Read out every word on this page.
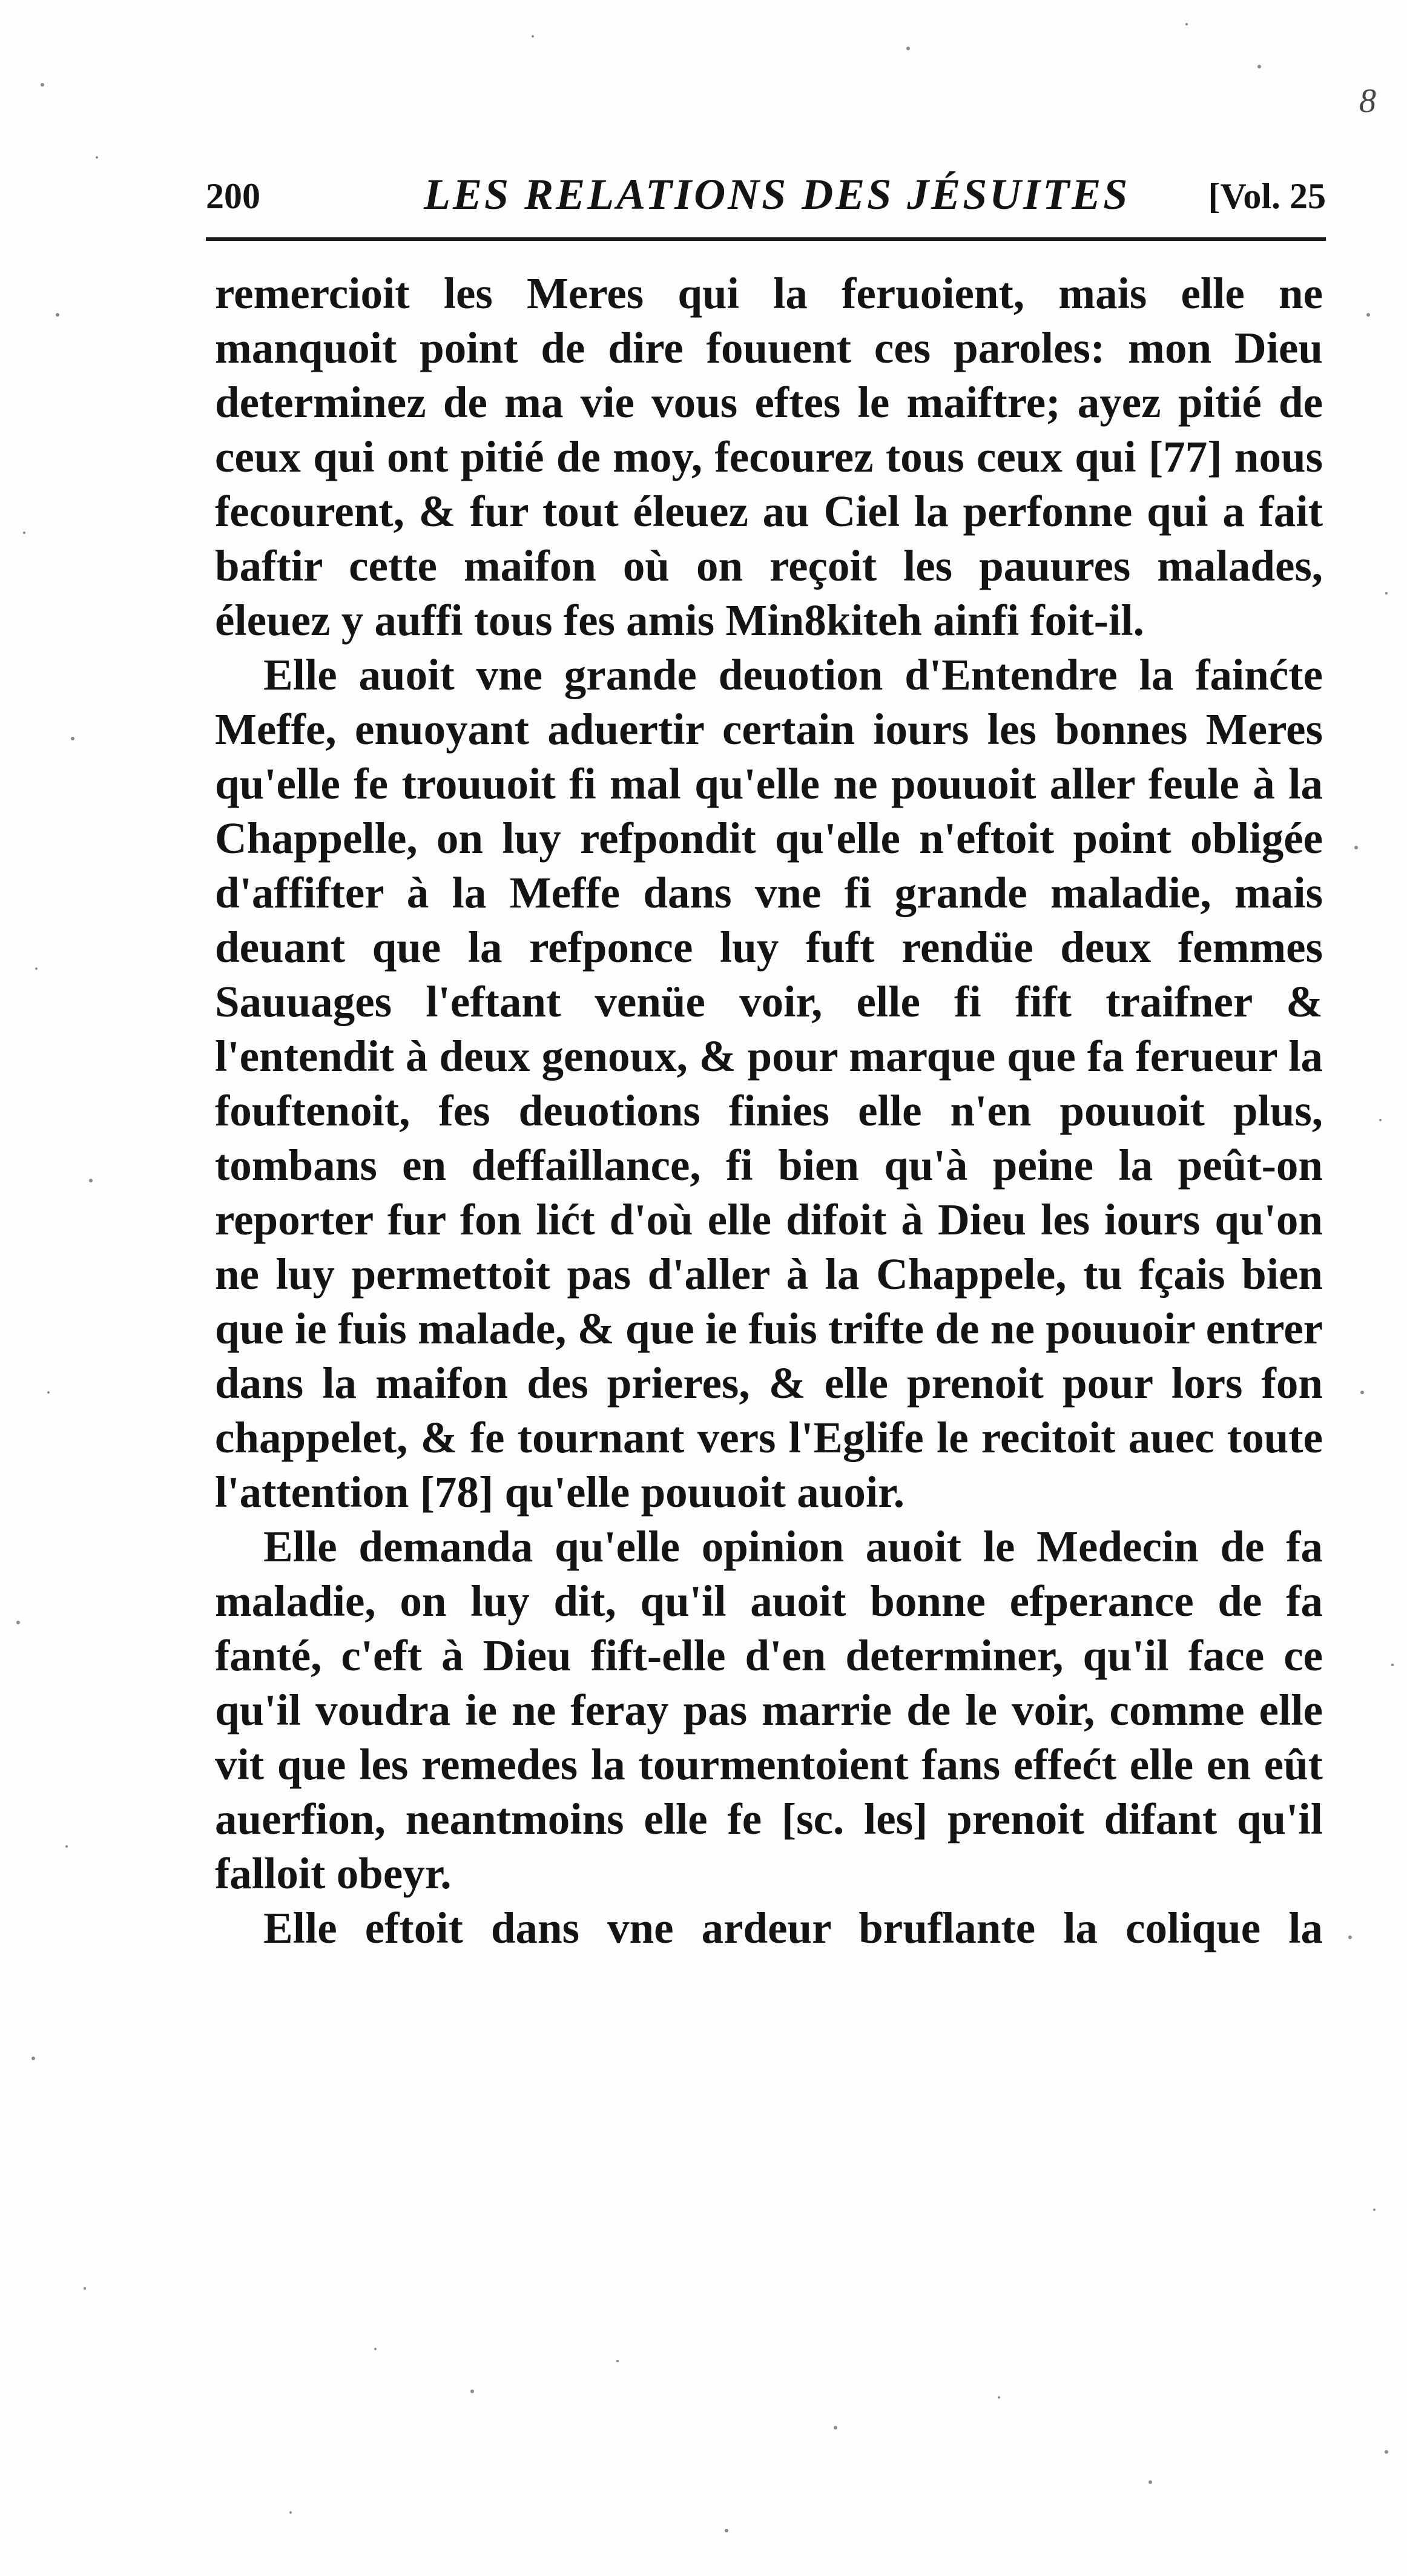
200	LES RELATIONS DES JÉSUITES [Vol. 25
8

remercioit les Meres qui la feruoient, mais elle ne manquoit point de dire fouuent ces paroles: mon Dieu determinez de ma vie vous eftes le maiftre; ayez pitié de ceux qui ont pitié de moy, fecourez tous ceux qui [77] nous fecourent, & fur tout éleuez au Ciel la perfonne qui a fait baftir cette maifon où on reçoit les pauures malades, éleuez y auffi tous fes amis Min8kiteh ainfi foit-il.

Elle auoit vne grande deuotion d'Entendre la fainćte Meffe, enuoyant aduertir certain iours les bonnes Meres qu'elle fe trouuoit fi mal qu'elle ne pouuoit aller feule à la Chappelle, on luy refpondit qu'elle n'eftoit point obligée d'affifter à la Meffe dans vne fi grande maladie, mais deuant que la refponce luy fuft rendüe deux femmes Sauuages l'eftant venüe voir, elle fi fift traifner & l'entendit à deux genoux, & pour marque que fa ferueur la fouftenoit, fes deuotions finies elle n'en pouuoit plus, tombans en deffaillance, fi bien qu'à peine la peût-on reporter fur fon lićt d'où elle difoit à Dieu les iours qu'on ne luy permettoit pas d'aller à la Chappele, tu fçais bien que ie fuis malade, & que ie fuis trifte de ne pouuoir entrer dans la maifon des prieres, & elle prenoit pour lors fon chappelet, & fe tournant vers l'Eglife le recitoit auec toute l'attention [78] qu'elle pouuoit auoir.

Elle demanda qu'elle opinion auoit le Medecin de fa maladie, on luy dit, qu'il auoit bonne efperance de fa fanté, c'eft à Dieu fift-elle d'en determiner, qu'il face ce qu'il voudra ie ne feray pas marrie de le voir, comme elle vit que les remedes la tourmentoient fans effećt elle en eût auerfion, neantmoins elle fe [sc. les] prenoit difant qu'il falloit obeyr.

Elle eftoit dans vne ardeur bruflante la colique la
